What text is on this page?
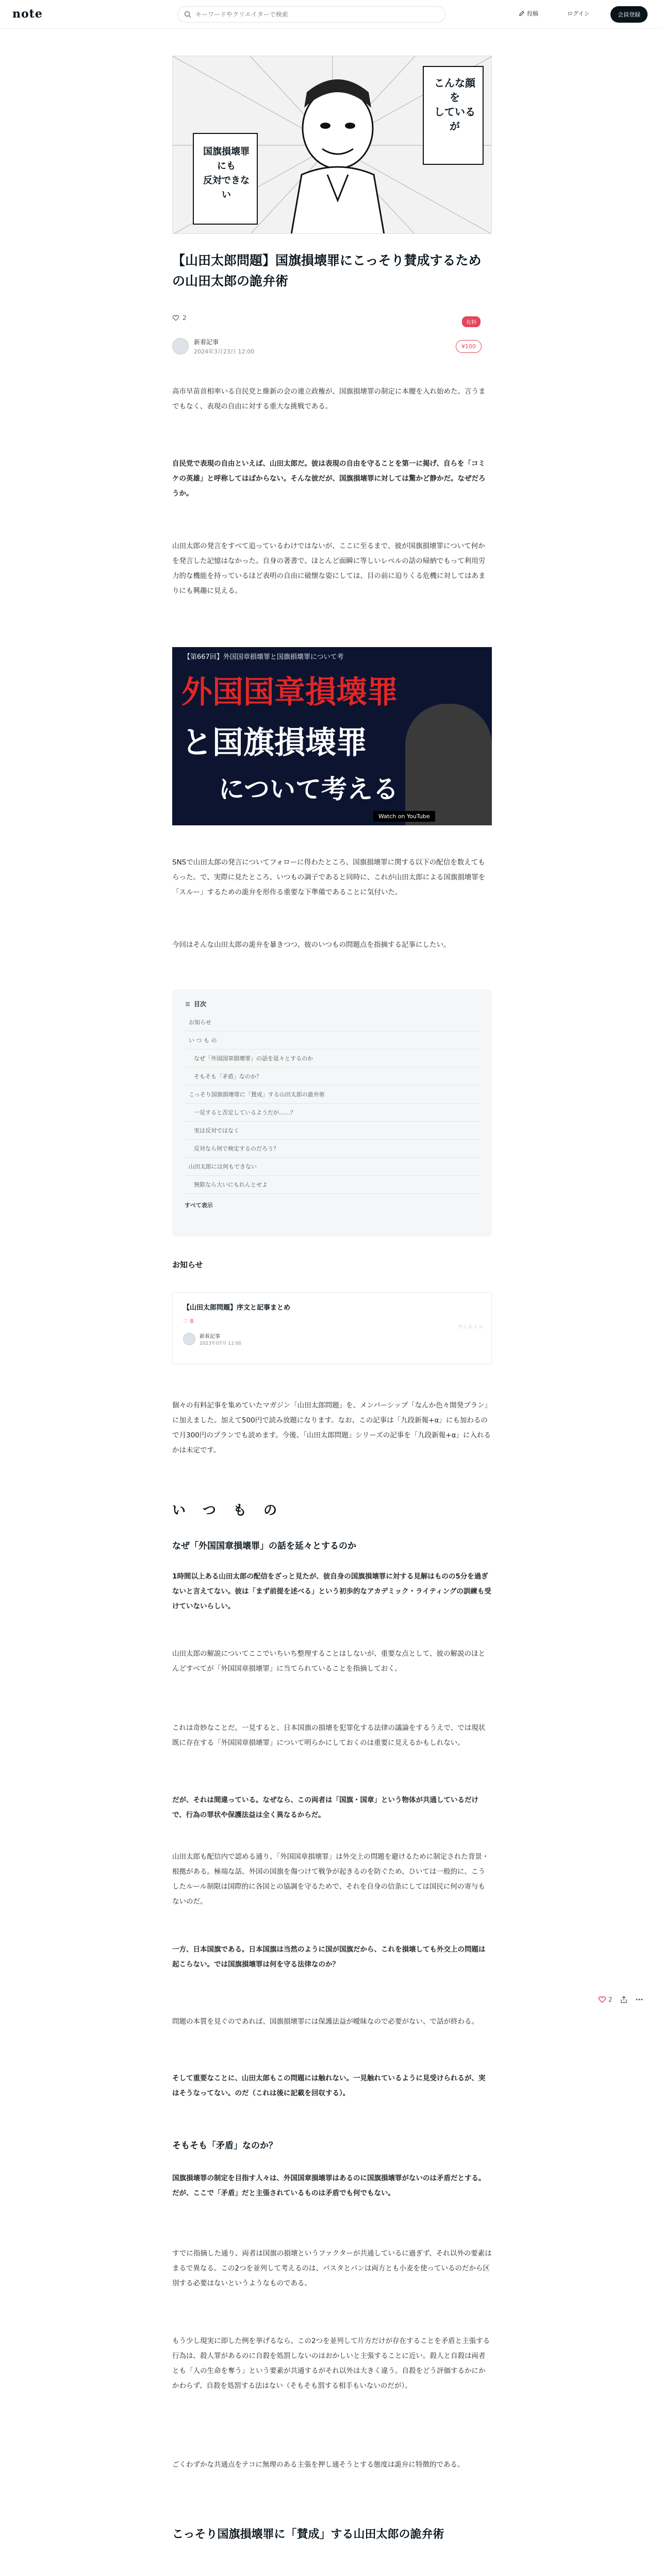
note
キーワードやクリエイターで検索	投稿	ログイン	会員登録
こんな顔を
しているが
国旗損壊罪にも
反対できない
【山田太郎問題】国旗損壊罪にこっそり賛成するための山田太郎の詭弁術
2
有料
新着記事
2024年3月23日 12:00
¥100
高市早苗首相率いる自民党と維新の会の連立政権が、国旗損壊罪の制定に本腰を入れ始めた。言うまでもなく、表現の自由に対する重大な挑戦である。
自民党で表現の自由といえば、山田太郎だ。彼は表現の自由を守ることを第一に掲げ、自らを「コミケの英雄」と呼称してはばからない。そんな彼だが、国旗損壊罪に対しては驚かど静かだ。なぜだろうか。
山田太郎の発言をすべて追っているわけではないが、ここに至るまで、彼が国旗損壊罪について何かを発言した記憶はなかった。自身の著書で、ほとんど面瞬に等しいレベルの話の帰納でもって利用労力的な機能を持っているほど表明の自由に破懐な姿にしては、目の前に迫りくる危機に対してはあまりにも興趣に見える。
【第667回】外国国章損壊罪と国旗損壊罪について考
外国国章損壊罪
と国旗損壊罪
について考える
Watch on YouTube
SNSで山田太郎の発言についてフォローに得わたところ、国旗損壊罪に関する以下の配信を数えてもらった。で、実際に見たところ、いつもの調子であると同時に、これが山田太郎による国旗損壊罪を「スルー」するための詭弁を形作る重要な下準備であることに気付いた。
今回はそんな山田太郎の詭弁を暴きつつ、彼のいつもの問題点を指摘する記事にしたい。
目次
お知らせ
い つ も の
なぜ「外国国章損壊罪」の話を延々とするのか
そもそも「矛盾」なのか？
こっそり国旗損壊罪に「賛成」する山田太郎の詭弁術
一見すると否定しているようだが……？
実は反対ではなく
反対なら何で検定するのだろう？
山田太郎には何もできない
無限なら大いにもれんとせよ
すべて表示
お知らせ
【山田太郎問題】序文と記事まとめ
♡ 8
新着記事
2023年07月 11:00
サムネイル
個々の有料記事を集めていたマガジン「山田太郎問題」を、メンバーシップ「なんか色々開発プラン」に加えました。加えて500円で読み放題になります。なお、この記事は「九段新報+α」にも加わるので月300円のプランでも読めます。今後、「山田太郎問題」シリーズの記事を「九段新報+α」に入れるかは未定です。
い つ も の
なぜ「外国国章損壊罪」の話を延々とするのか
1時間以上ある山田太郎の配信をざっと見たが、彼自身の国旗損壊罪に対する見解はものの5分を過ぎないと言えてない。彼は「まず前提を述べる」という初歩的なアカデミック・ライティングの訓練も受けていないらしい。
山田太郎の解説についてここでいちいち整理することはしないが、重要な点として、彼の解説のほとんどすべてが「外国国章損壊罪」に当てられていることを指摘しておく。
これは奇妙なことだ。一見すると、日本国旗の損壊を犯罪化する法律の議論をするうえで、では現状既に存在する「外国国章損壊罪」について明らかにしておくのは重要に見えるかもしれない。
だが、それは間違っている。なぜなら、この両者は「国旗・国章」という物体が共通しているだけで、行為の罪状や保護法益は全く異なるからだ。
山田太郎も配信内で認める通り、「外国国章損壊罪」は外交上の問題を避けるために制定された背景・根拠がある。極端な話、外国の国旗を傷つけて戦争が起きるのを防ぐため、ひいては一般的に、こうしたルール制限は国際的に各国との協調を守るためで、それを自身の信条にしては国民に何の寄与もないのだ。
一方、日本国旗である。日本国旗は当然のように国が国旗だから、これを損壊しても外交上の問題は起こらない。では国旗損壊罪は何を守る法律なのか？
問題の本質を見ぐのであれば、国旗損壊罪には保護法益が曖昧なので必要がない、で話が終わる。
そして重要なことに、山田太郎もこの問題には触れない。一見触れているように見受けられるが、実はそうなってない。のだ（これは後に記載を回収する）。
そもそも「矛盾」なのか？
国旗損壊罪の制定を目指す人々は、外国国章損壊罪はあるのに国旗損壊罪がないのは矛盾だとする。だが、ここで「矛盾」だと主張されているものは矛盾でも何でもない。
すでに指摘した通り、両者は国旗の損壊というファクターが共通しているに過ぎず、それ以外の要素はまるで異なる。この2つを並列して考えるのは、バスタとパンは両方とも小麦を使っているのだから区別する必要はないというようなものである。
もう少し現実に即した例を挙げるなら、この2つを並列して片方だけが存在することを矛盾と主張する行為は、殺人罪があるのに自殺を処罰しないのはおかしいと主張することに近い。殺人と自殺は両者とも「人の生命を奪う」という要素が共通するがそれ以外は大きく違う。自殺をどう評価するかにかかわらず、自殺を処罰する法はない（そもそも罰する相手もいないのだが）。
ごくわずかな共通点をテコに無理のある主張を押し通そうとする態度は詭弁に特徴的である。
こっそり国旗損壊罪に「賛成」する山田太郎の詭弁術
2
